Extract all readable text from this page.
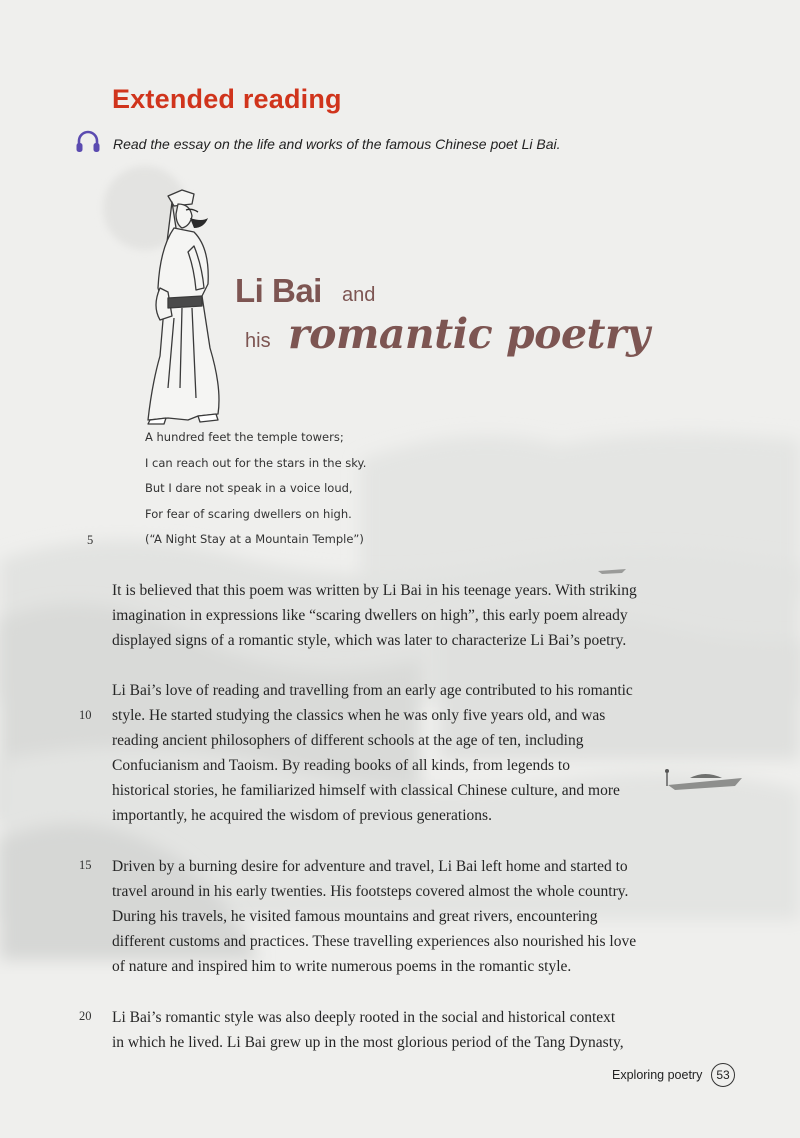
Extended reading

Read the essay on the life and works of the famous Chinese poet Li Bai.

Li Bai and

his romantic poetry

A hundred feet the temple towers;
I can reach out for the stars in the sky.
But I dare not speak in a voice loud,
For fear of scaring dwellers on high.
(“A Night Stay at a Mountain Temple”)
5
10
15
20
It is believed that this poem was written by Li Bai in his teenage years. With striking
imagination in expressions like “scaring dwellers on high”, this early poem already
displayed signs of a romantic style, which was later to characterize Li Bai’s poetry.
Li Bai’s love of reading and travelling from an early age contributed to his romantic
style. He started studying the classics when he was only five years old, and was
reading ancient philosophers of different schools at the age of ten, including
Confucianism and Taoism. By reading books of all kinds, from legends to
historical stories, he familiarized himself with classical Chinese culture, and more
importantly, he acquired the wisdom of previous generations.
Driven by a burning desire for adventure and travel, Li Bai left home and started to
travel around in his early twenties. His footsteps covered almost the whole country.
During his travels, he visited famous mountains and great rivers, encountering
different customs and practices. These travelling experiences also nourished his love
of nature and inspired him to write numerous poems in the romantic style.
Li Bai’s romantic style was also deeply rooted in the social and historical context
in which he lived. Li Bai grew up in the most glorious period of the Tang Dynasty,

Exploring poetry	53
